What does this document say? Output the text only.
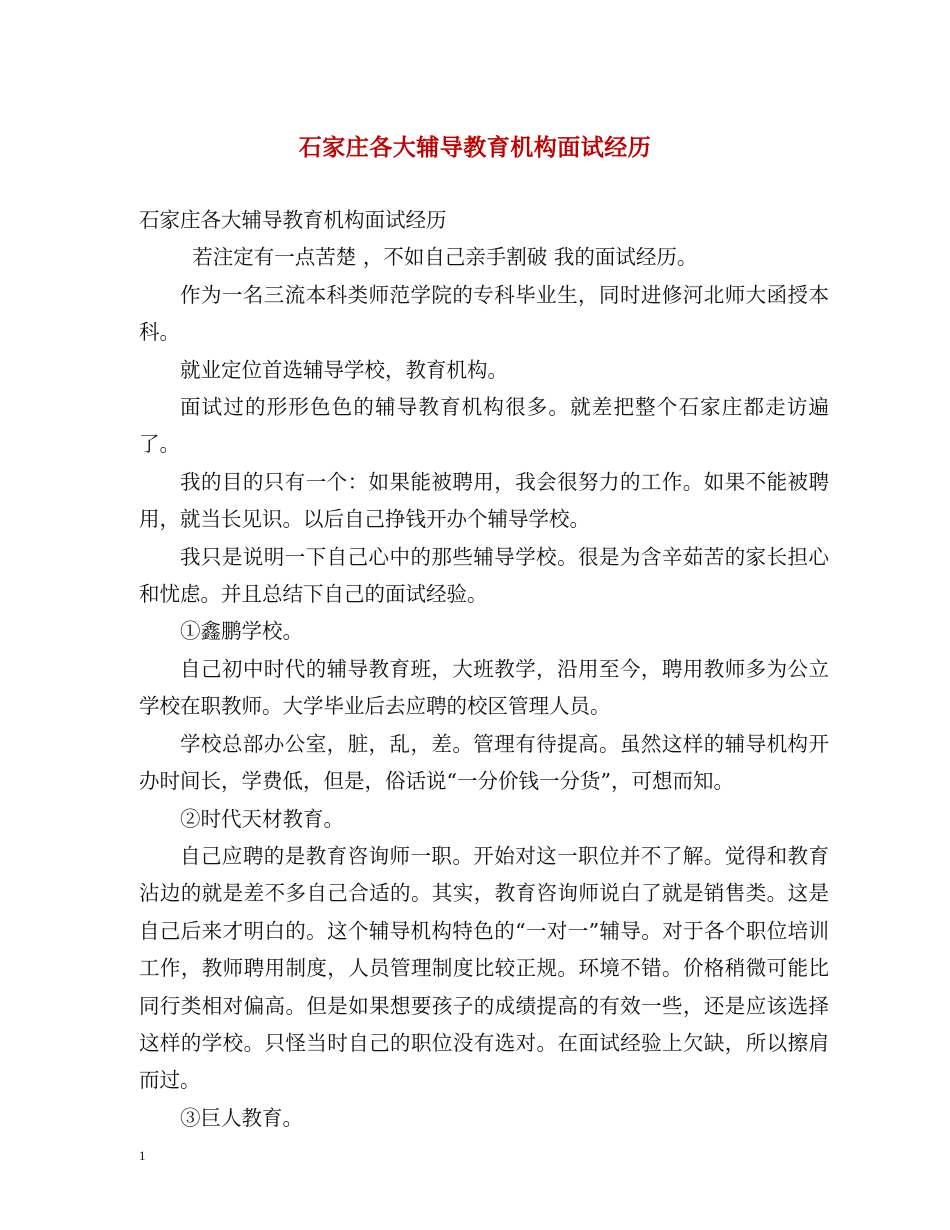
石家庄各大辅导教育机构面试经历

石家庄各大辅导教育机构面试经历

若注定有一点苦楚 ，不如自己亲手割破 我的面试经历。

作为一名三流本科类师范学院的专科毕业生，同时进修河北师大函授本科。

就业定位首选辅导学校，教育机构。

面试过的形形色色的辅导教育机构很多。就差把整个石家庄都走访遍了。

我的目的只有一个：如果能被聘用，我会很努力的工作。如果不能被聘用，就当长见识。以后自己挣钱开办个辅导学校。

我只是说明一下自己心中的那些辅导学校。很是为含辛茹苦的家长担心和忧虑。并且总结下自己的面试经验。

①鑫鹏学校。

自己初中时代的辅导教育班，大班教学，沿用至今，聘用教师多为公立学校在职教师。大学毕业后去应聘的校区管理人员。

学校总部办公室，脏，乱，差。管理有待提高。虽然这样的辅导机构开办时间长，学费低，但是，俗话说“一分价钱一分货”，可想而知。

②时代天材教育。

自己应聘的是教育咨询师一职。开始对这一职位并不了解。觉得和教育沾边的就是差不多自己合适的。其实，教育咨询师说白了就是销售类。这是自己后来才明白的。这个辅导机构特色的“一对一”辅导。对于各个职位培训工作，教师聘用制度，人员管理制度比较正规。环境不错。价格稍微可能比同行类相对偏高。但是如果想要孩子的成绩提高的有效一些，还是应该选择这样的学校。只怪当时自己的职位没有选对。在面试经验上欠缺，所以擦肩而过。

③巨人教育。

1
